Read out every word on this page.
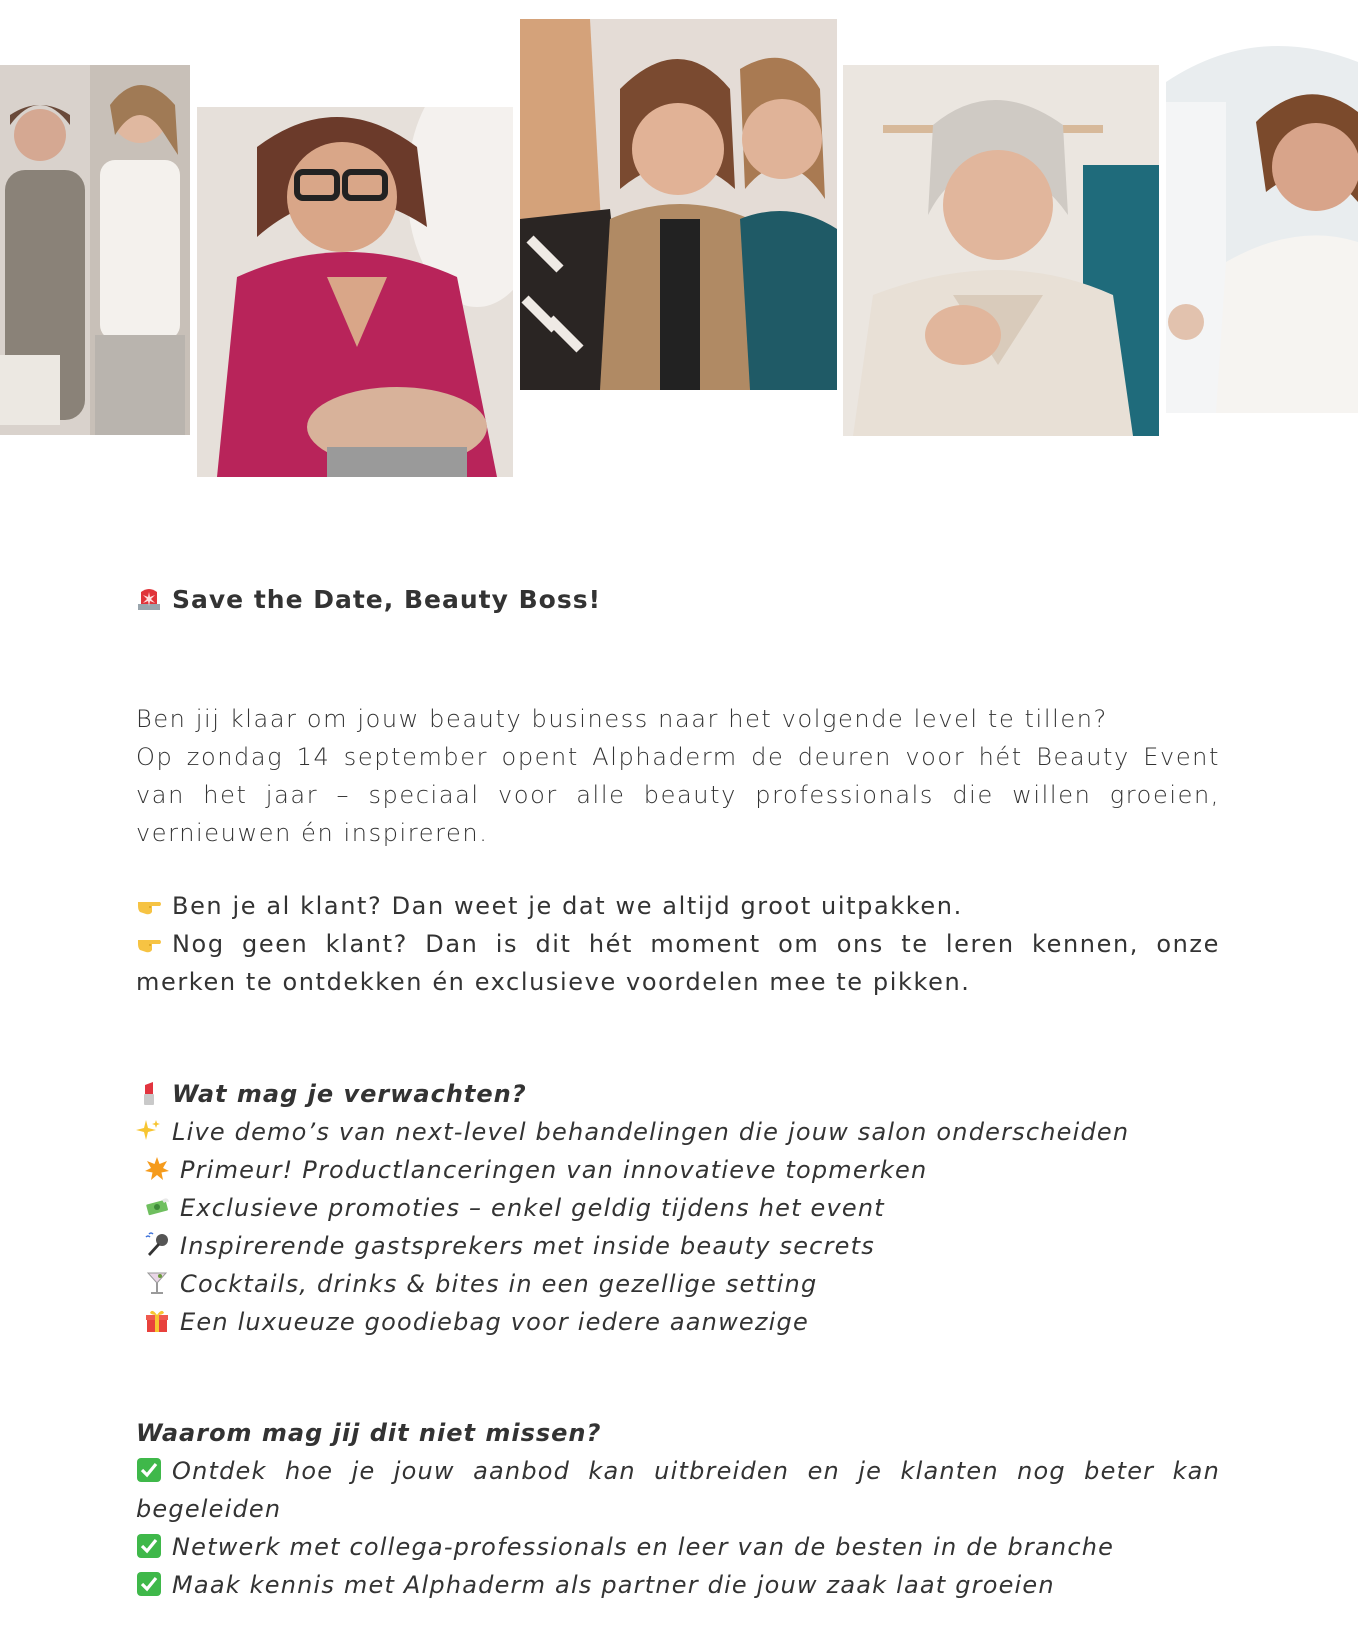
Save the Date, Beauty Boss!

Ben jij klaar om jouw beauty business naar het volgende level te tillen?

Op zondag 14 september opent Alphaderm de deuren voor hét Beauty Event van het jaar – speciaal voor alle beauty professionals die willen groeien, vernieuwen én inspireren.

Ben je al klant? Dan weet je dat we altijd groot uitpakken.

Nog geen klant? Dan is dit hét moment om ons te leren kennen, onze merken te ontdekken én exclusieve voordelen mee te pikken.

Wat mag je verwachten?
Live demo’s van next-level behandelingen die jouw salon onderscheiden
Primeur! Productlanceringen van innovatieve topmerken
Exclusieve promoties – enkel geldig tijdens het event
Inspirerende gastsprekers met inside beauty secrets
Cocktails, drinks & bites in een gezellige setting
Een luxueuze goodiebag voor iedere aanwezige

Waarom mag jij dit niet missen?

Ontdek hoe je jouw aanbod kan uitbreiden en je klanten nog beter kan begeleiden

Netwerk met collega-professionals en leer van de besten in de branche

Maak kennis met Alphaderm als partner die jouw zaak laat groeien
